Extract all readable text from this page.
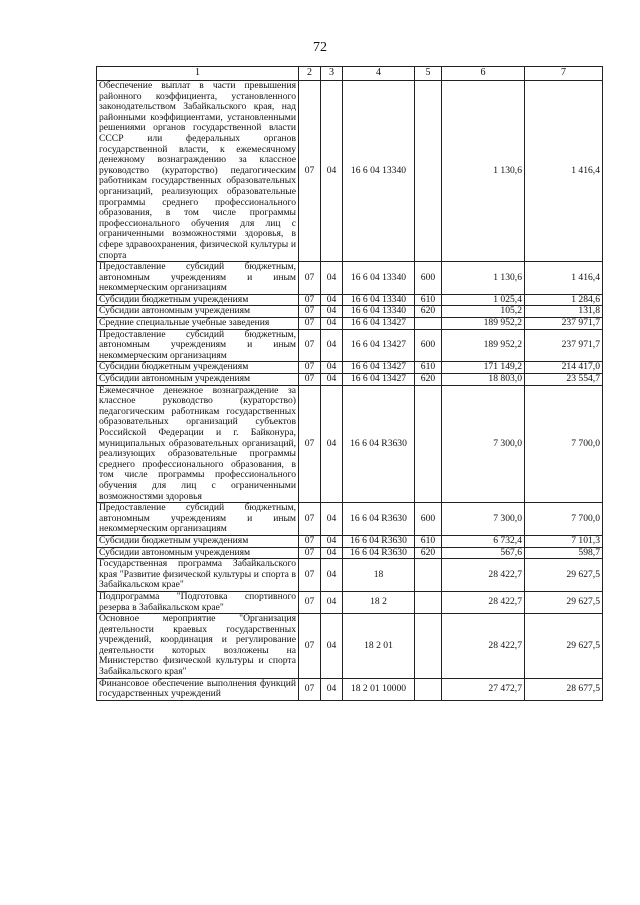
72
1	2	3	4	5	6	7
Обеспечение выплат в части превышения районного коэффициента, установленного законодательством Забайкальского края, над районными коэффициентами, установленными решениями органов государственной власти СССР или федеральных органов государственной власти, к ежемесячному денежному вознаграждению за классное руководство (кураторство) педагогическим работникам государственных образовательных организаций, реализующих образовательные программы среднего профессионального образования, в том числе программы профессионального обучения для лиц с ограниченными возможностями здоровья, в сфере здравоохранения, физической культуры и спорта	07	04	16 6 04 13340		1 130,6	1 416,4
Предоставление субсидий бюджетным, автономным учреждениям и иным некоммерческим организациям	07	04	16 6 04 13340	600	1 130,6	1 416,4
Субсидии бюджетным учреждениям	07	04	16 6 04 13340	610	1 025,4	1 284,6
Субсидии автономным учреждениям	07	04	16 6 04 13340	620	105,2	131,8
Средние специальные учебные заведения	07	04	16 6 04 13427		189 952,2	237 971,7
Предоставление субсидий бюджетным, автономным учреждениям и иным некоммерческим организациям	07	04	16 6 04 13427	600	189 952,2	237 971,7
Субсидии бюджетным учреждениям	07	04	16 6 04 13427	610	171 149,2	214 417,0
Субсидии автономным учреждениям	07	04	16 6 04 13427	620	18 803,0	23 554,7
Ежемесячное денежное вознаграждение за классное руководство (кураторство) педагогическим работникам государственных образовательных организаций субъектов Российской Федерации и г. Байконура, муниципальных образовательных организаций, реализующих образовательные программы среднего профессионального образования, в том числе программы профессионального обучения для лиц с ограниченными возможностями здоровья	07	04	16 6 04 R3630		7 300,0	7 700,0
Предоставление субсидий бюджетным, автономным учреждениям и иным некоммерческим организациям	07	04	16 6 04 R3630	600	7 300,0	7 700,0
Субсидии бюджетным учреждениям	07	04	16 6 04 R3630	610	6 732,4	7 101,3
Субсидии автономным учреждениям	07	04	16 6 04 R3630	620	567,6	598,7
Государственная программа Забайкальского края "Развитие физической культуры и спорта в Забайкальском крае"	07	04	18		28 422,7	29 627,5
Подпрограмма "Подготовка спортивного резерва в Забайкальском крае"	07	04	18 2		28 422,7	29 627,5
Основное мероприятие "Организация деятельности краевых государственных учреждений, координация и регулирование деятельности которых возложены на Министерство физической культуры и спорта Забайкальского края"	07	04	18 2 01		28 422,7	29 627,5
Финансовое обеспечение выполнения функций государственных учреждений	07	04	18 2 01 10000		27 472,7	28 677,5
